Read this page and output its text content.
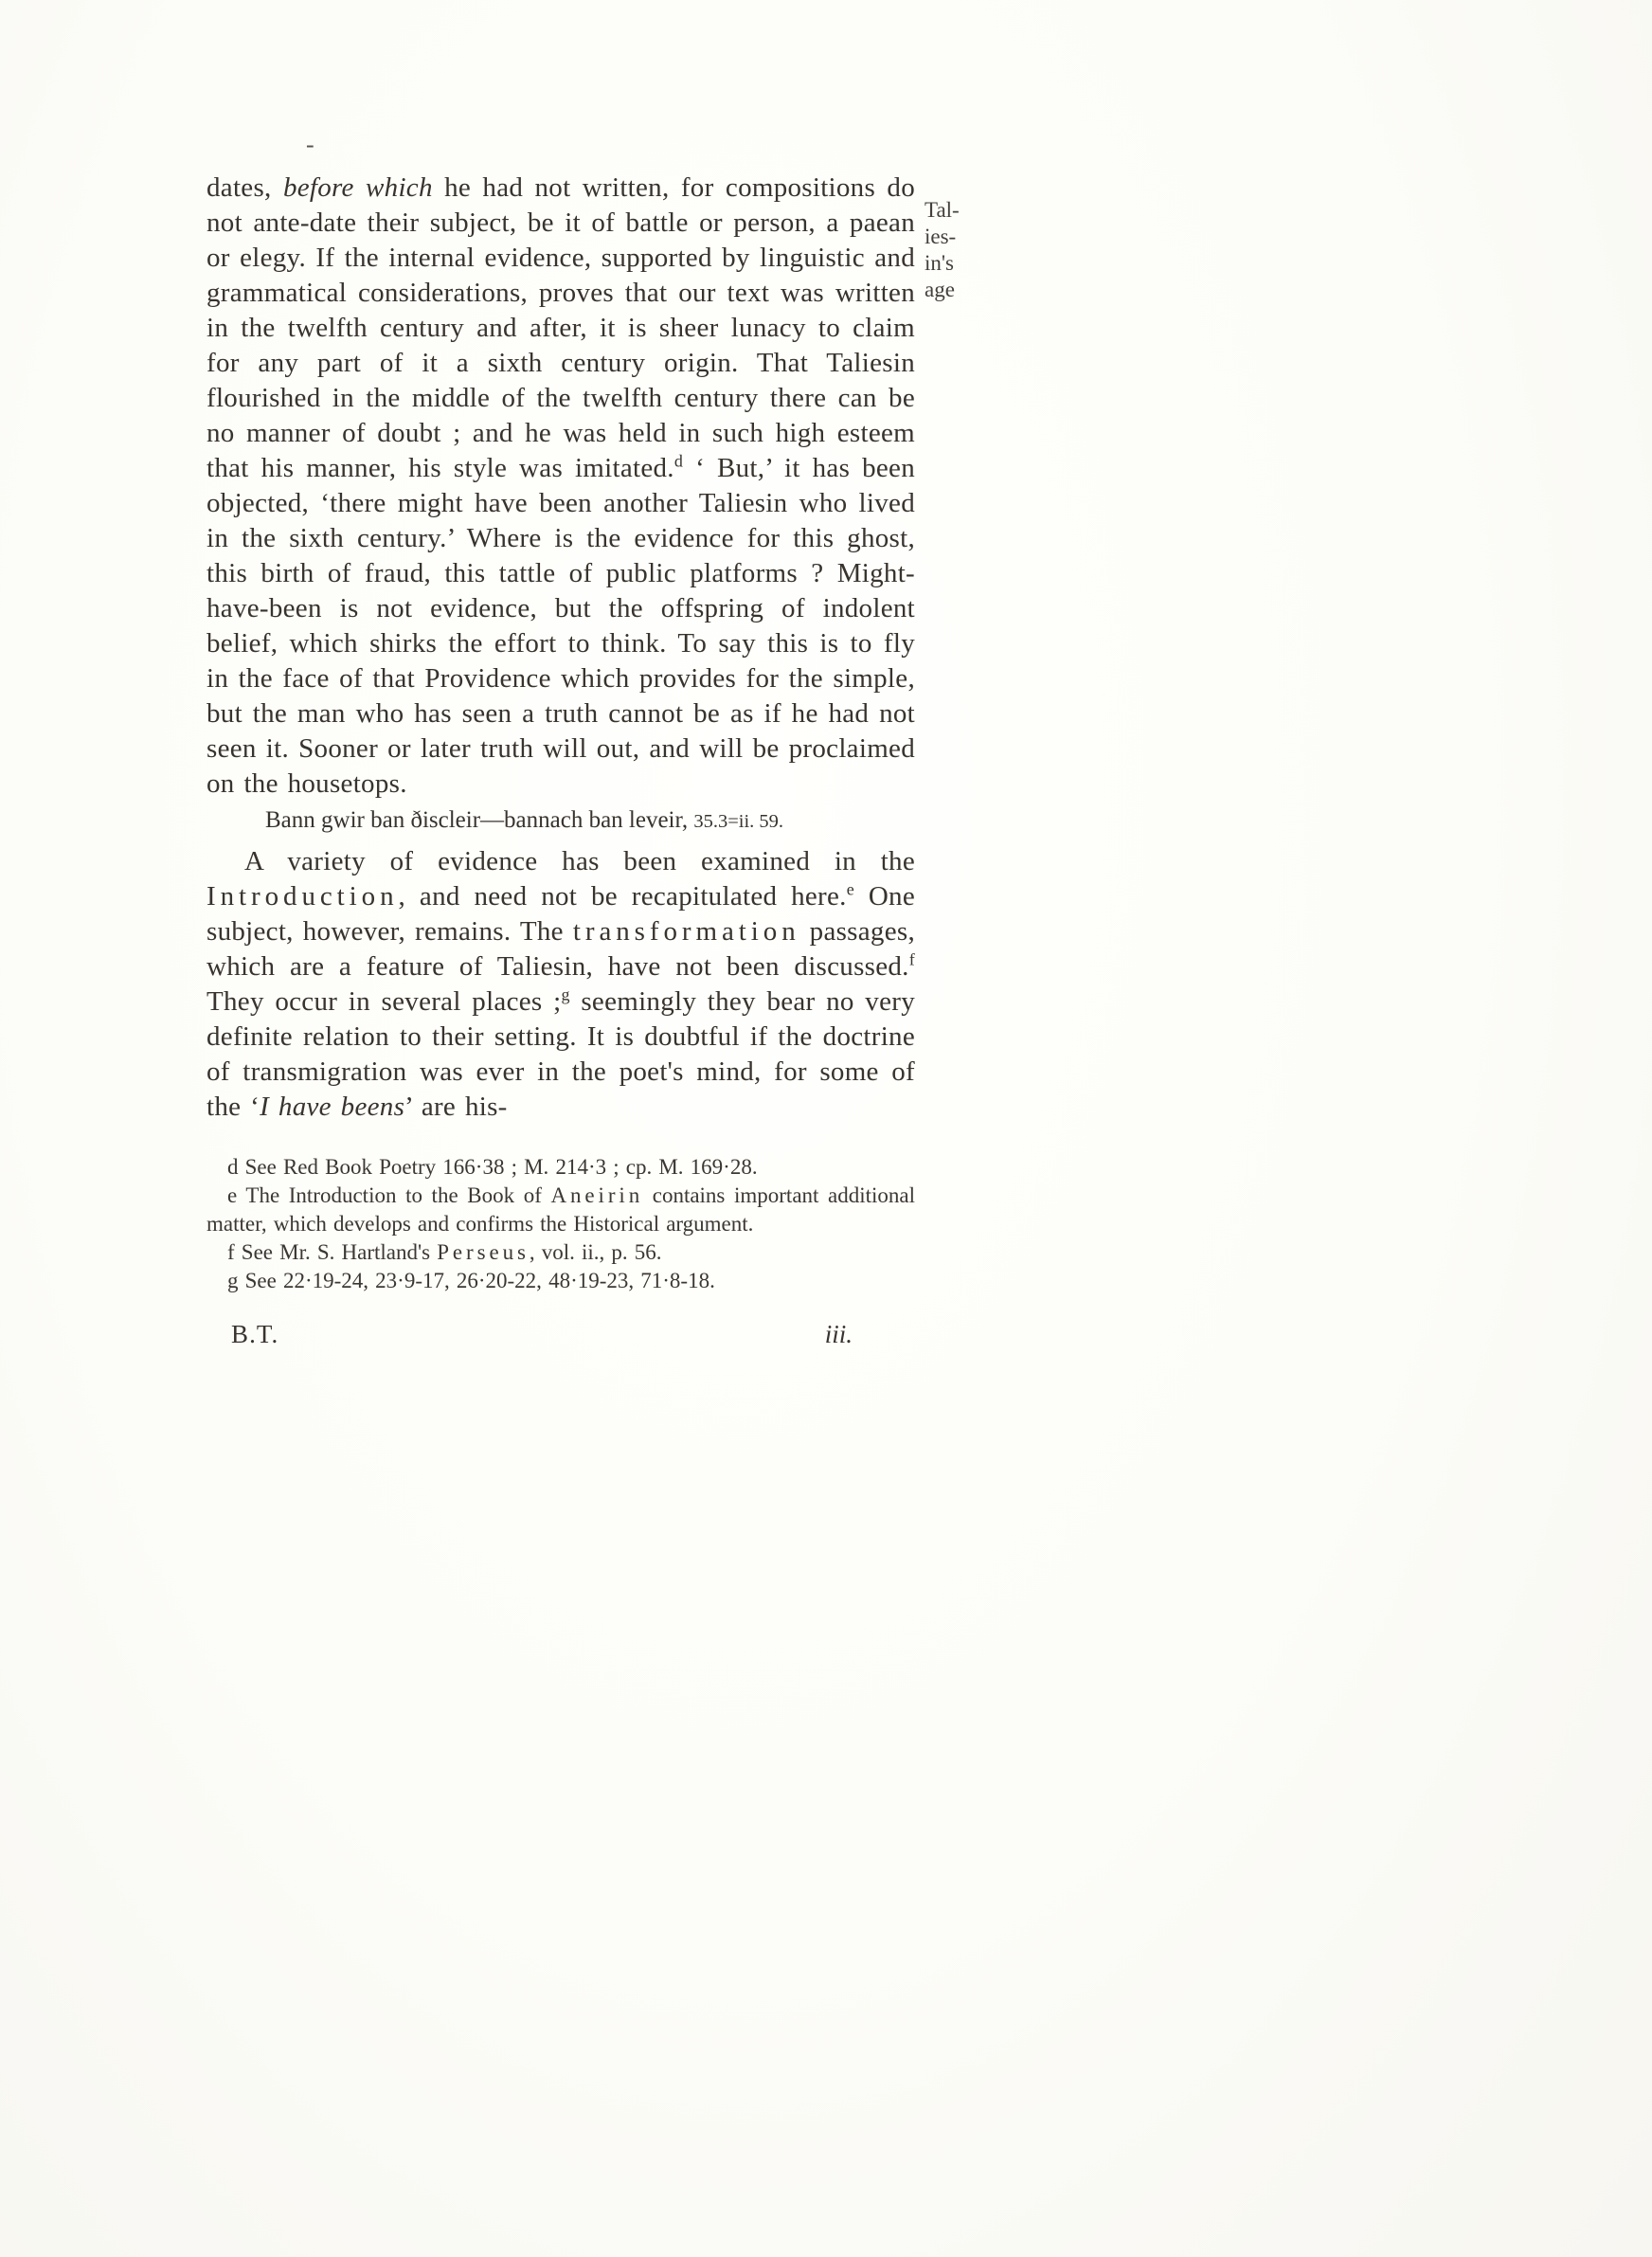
-
Tal-
ies-
in's
age

dates, before which he had not written, for compositions do not ante-date their subject, be it of battle or person, a paean or elegy. If the internal evidence, supported by linguistic and grammatical considerations, proves that our text was written in the twelfth century and after, it is sheer lunacy to claim for any part of it a sixth century origin. That Taliesin flourished in the middle of the twelfth century there can be no manner of doubt ; and he was held in such high esteem that his manner, his style was imitated.$^d$ ‘ But,’ it has been objected, ‘there might have been another Taliesin who lived in the sixth century.’ Where is the evidence for this ghost, this birth of fraud, this tattle of public platforms ? Might-have-been is not evidence, but the offspring of indolent belief, which shirks the effort to think. To say this is to fly in the face of that Providence which provides for the simple, but the man who has seen a truth cannot be as if he had not seen it. Sooner or later truth will out, and will be proclaimed on the housetops.

Bann gwir ban ðiscleir—bannach ban leveir, 35.3=ii. 59.

A variety of evidence has been examined in the Introduction, and need not be recapitulated here.$^e$ One subject, however, remains. The transformation passages, which are a feature of Taliesin, have not been discussed.$^f$ They occur in several places ;$^g$ seemingly they bear no very definite relation to their setting. It is doubtful if the doctrine of transmigration was ever in the poet's mind, for some of the ‘I have beens’ are his-

d See Red Book Poetry 166·38 ; M. 214·3 ; cp. M. 169·28.

e The Introduction to the Book of Aneirin contains important additional matter, which develops and confirms the Historical argument.

f See Mr. S. Hartland's Perseus, vol. ii., p. 56.

g See 22·19-24, 23·9-17, 26·20-22, 48·19-23, 71·8-18.

B.T.	iii.
